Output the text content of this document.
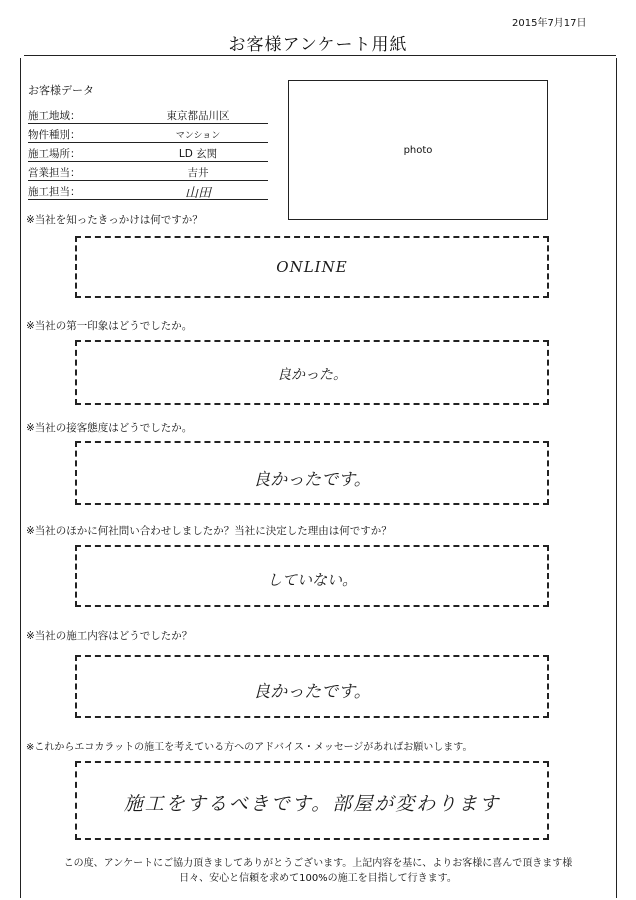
2015年7月17日
お客様アンケート用紙
お客様データ
施工地域：	東京都品川区
物件種別：	マンション
施工場所：	LD 玄関
営業担当：	吉井
施工担当：	山田
photo
※当社を知ったきっかけは何ですか？
ONLINE
※当社の第一印象はどうでしたか。
良かった。
※当社の接客態度はどうでしたか。
良かったです。
※当社のほかに何社問い合わせしましたか？当社に決定した理由は何ですか？
していない。
※当社の施工内容はどうでしたか？
良かったです。
※これからエコカラットの施工を考えている方へのアドバイス・メッセージがあればお願いします。
施工をするべきです。部屋が変わります
この度、アンケートにご協力頂きましてありがとうございます。上記内容を基に、よりお客様に喜んで頂きます様
日々、安心と信頼を求めて100%の施工を目指して行きます。
